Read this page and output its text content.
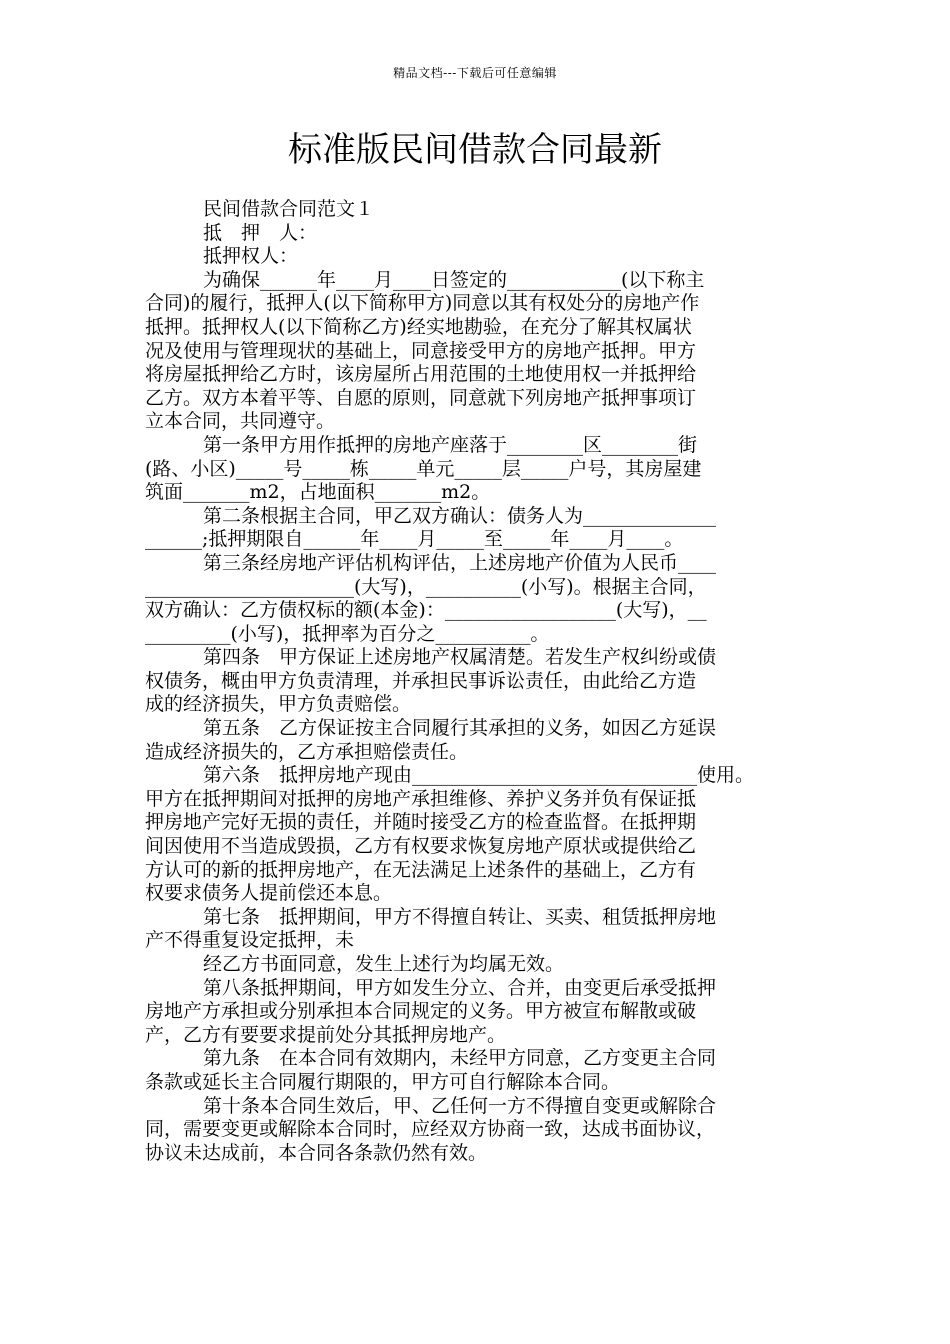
精品文档---下载后可任意编辑
标准版民间借款合同最新

民间借款合同范文１

抵　押　人：

抵押权人：

为确保______年____月____日签定的____________(以下称主

合同)的履行，抵押人(以下简称甲方)同意以其有权处分的房地产作

抵押。抵押权人(以下简称乙方)经实地勘验，在充分了解其权属状

况及使用与管理现状的基础上，同意接受甲方的房地产抵押。甲方

将房屋抵押给乙方时，该房屋所占用范围的土地使用权一并抵押给

乙方。双方本着平等、自愿的原则，同意就下列房地产抵押事项订

立本合同，共同遵守。

第一条甲方用作抵押的房地产座落于________区________街

(路、小区)_____号_____栋_____单元_____层_____户号，其房屋建

筑面_______m2，占地面积_______m2。

第二条根据主合同，甲乙双方确认：债务人为______________

______;抵押期限自______年____月_____至_____年____月____。

第三条经房地产评估机构评估，上述房地产价值为人民币____

______________________(大写)，__________(小写)。根据主合同，

双方确认：乙方债权标的额(本金)：__________________(大写)，__

_________(小写)，抵押率为百分之__________。

第四条　甲方保证上述房地产权属清楚。若发生产权纠纷或债

权债务，概由甲方负责清理，并承担民事诉讼责任，由此给乙方造

成的经济损失，甲方负责赔偿。

第五条　乙方保证按主合同履行其承担的义务，如因乙方延误

造成经济损失的，乙方承担赔偿责任。

第六条　抵押房地产现由______________________________使用。

甲方在抵押期间对抵押的房地产承担维修、养护义务并负有保证抵

押房地产完好无损的责任，并随时接受乙方的检查监督。在抵押期

间因使用不当造成毁损，乙方有权要求恢复房地产原状或提供给乙

方认可的新的抵押房地产，在无法满足上述条件的基础上，乙方有

权要求债务人提前偿还本息。

第七条　抵押期间，甲方不得擅自转让、买卖、租赁抵押房地

产不得重复设定抵押，未

经乙方书面同意，发生上述行为均属无效。

第八条抵押期间，甲方如发生分立、合并，由变更后承受抵押

房地产方承担或分别承担本合同规定的义务。甲方被宣布解散或破

产，乙方有要要求提前处分其抵押房地产。

第九条　在本合同有效期内，未经甲方同意，乙方变更主合同

条款或延长主合同履行期限的，甲方可自行解除本合同。

第十条本合同生效后，甲、乙任何一方不得擅自变更或解除合

同，需要变更或解除本合同时，应经双方协商一致，达成书面协议，

协议未达成前，本合同各条款仍然有效。
